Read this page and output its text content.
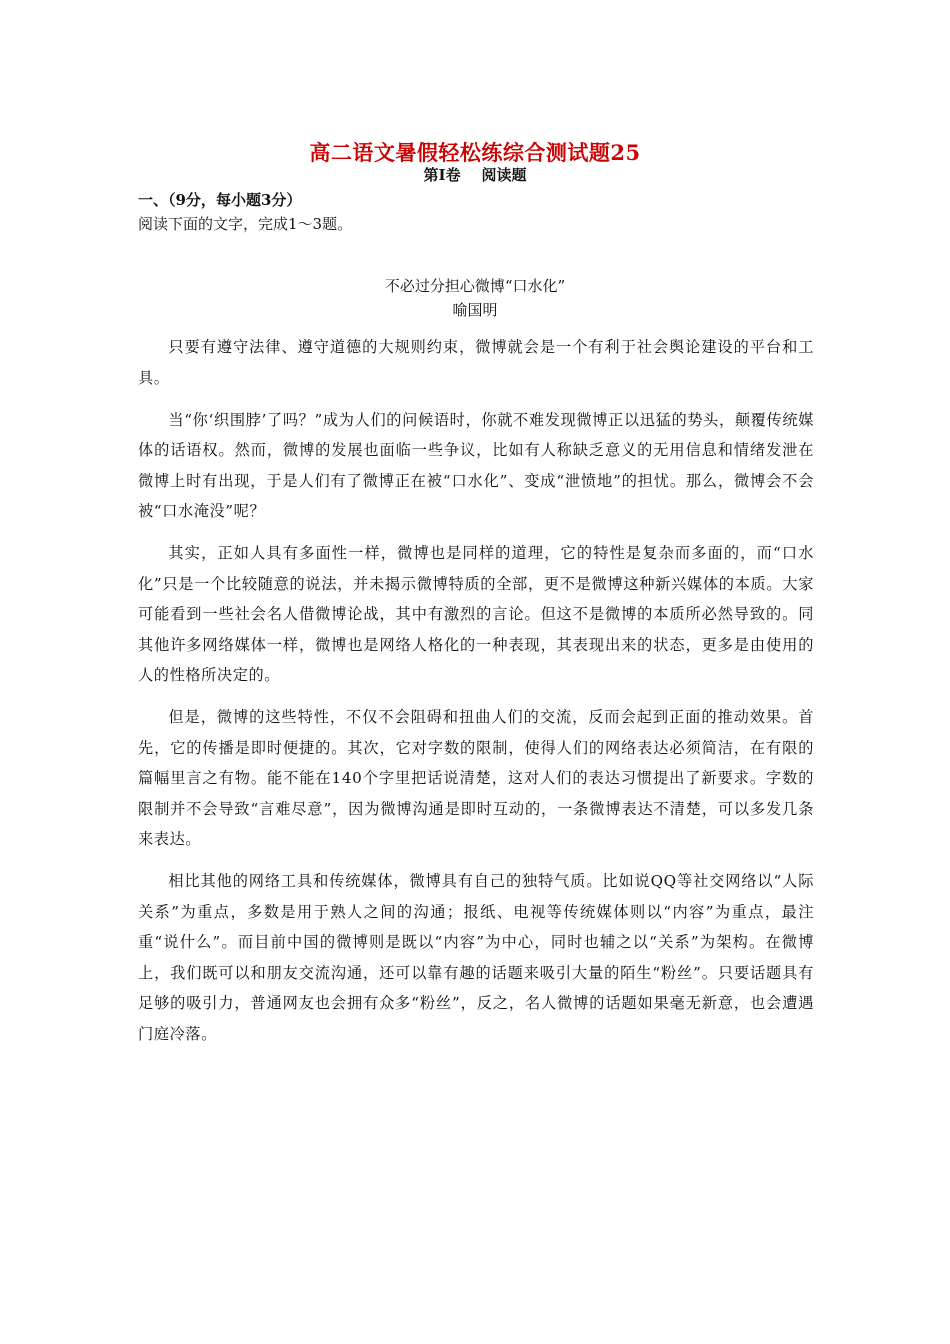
高二语文暑假轻松练综合测试题25
第Ⅰ卷    阅读题
一、（9分，每小题3分）
阅读下面的文字，完成1～3题。
不必过分担心微博“口水化”
喻国明

只要有遵守法律、遵守道德的大规则约束，微博就会是一个有利于社会舆论建设的平台和工具。

当“你‘织围脖’了吗？”成为人们的问候语时，你就不难发现微博正以迅猛的势头，颠覆传统媒体的话语权。然而，微博的发展也面临一些争议，比如有人称缺乏意义的无用信息和情绪发泄在微博上时有出现，于是人们有了微博正在被“口水化”、变成“泄愤地”的担忧。那么，微博会不会被“口水淹没”呢？

其实，正如人具有多面性一样，微博也是同样的道理，它的特性是复杂而多面的，而“口水化”只是一个比较随意的说法，并未揭示微博特质的全部，更不是微博这种新兴媒体的本质。大家可能看到一些社会名人借微博论战，其中有激烈的言论。但这不是微博的本质所必然导致的。同其他许多网络媒体一样，微博也是网络人格化的一种表现，其表现出来的状态，更多是由使用的人的性格所决定的。

但是，微博的这些特性，不仅不会阻碍和扭曲人们的交流，反而会起到正面的推动效果。首先，它的传播是即时便捷的。其次，它对字数的限制，使得人们的网络表达必须简洁，在有限的篇幅里言之有物。能不能在140个字里把话说清楚，这对人们的表达习惯提出了新要求。字数的限制并不会导致“言难尽意”，因为微博沟通是即时互动的，一条微博表达不清楚，可以多发几条来表达。

相比其他的网络工具和传统媒体，微博具有自己的独特气质。比如说QQ等社交网络以“人际关系”为重点，多数是用于熟人之间的沟通；报纸、电视等传统媒体则以“内容”为重点，最注重“说什么”。而目前中国的微博则是既以“内容”为中心，同时也辅之以“关系”为架构。在微博上，我们既可以和朋友交流沟通，还可以靠有趣的话题来吸引大量的陌生“粉丝”。只要话题具有足够的吸引力，普通网友也会拥有众多“粉丝”，反之，名人微博的话题如果毫无新意，也会遭遇门庭冷落。
